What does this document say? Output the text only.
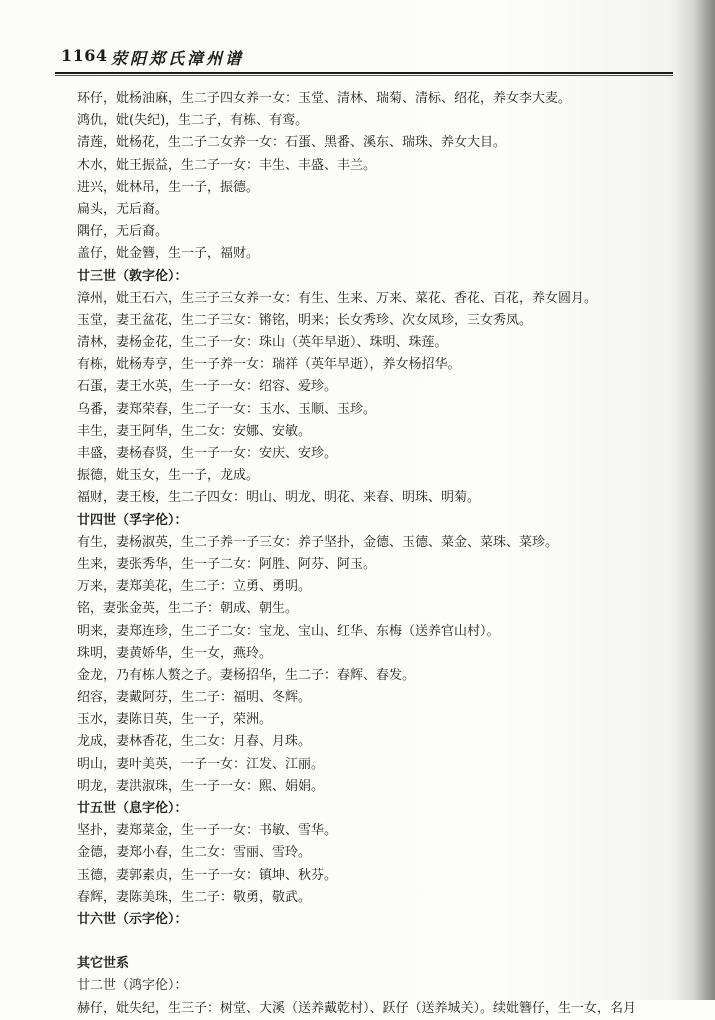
1164 荥阳郑氏漳州谱
环仔，妣杨油麻，生二子四女养一女：玉堂、清林、瑞菊、清标、绍花，养女李大麦。
鸿仇，妣(失纪)，生二子，有栋、有鸾。
清莲，妣杨花，生二子二女养一女：石蛋、黑番、溪东、瑞珠、养女大目。
木水，妣王振益，生二子一女：丰生、丰盛、丰兰。
进兴，妣林吊，生一子，振德。
扁头，无后裔。
隅仔，无后裔。
盖仔，妣金簪，生一子，福财。
廿三世（敦字伦）：
漳州，妣王石六，生三子三女养一女：有生、生来、万来、菜花、香花、百花，养女圆月。
玉堂，妻王盆花，生二子三女：锵铭，明来；长女秀珍、次女凤珍，三女秀凤。
清林，妻杨金花，生二子一女：珠山（英年早逝）、珠明、珠莲。
有栋，妣杨寿亨，生一子养一女：瑞祥（英年早逝），养女杨招华。
石蛋，妻王水英，生一子一女：绍容、爱珍。
乌番，妻郑荣春，生二子一女：玉水、玉顺、玉珍。
丰生，妻王阿华，生二女：安娜、安敏。
丰盛，妻杨春贤，生一子一女：安庆、安珍。
振德，妣玉女，生一子，龙成。
福财，妻王梭，生二子四女：明山、明龙、明花、来春、明珠、明菊。
廿四世（孚字伦）：
有生，妻杨淑英，生二子养一子三女：养子坚扑，金德、玉德、菜金、菜珠、菜珍。
生来，妻张秀华，生一子二女：阿胜、阿芬、阿玉。
万来，妻郑美花，生二子：立勇、勇明。
铭，妻张金英，生二子：朝成、朝生。
明来，妻郑连珍，生二子二女：宝龙、宝山、红华、东梅（送养官山村）。
珠明，妻黄娇华，生一女，燕玲。
金龙，乃有栋人赘之子。妻杨招华，生二子：春辉、春发。
绍容，妻戴阿芬，生二子：福明、冬辉。
玉水，妻陈日英，生一子，荣洲。
龙成，妻林香花，生二女：月春、月珠。
明山，妻叶美英，一子一女：江发、江丽。
明龙，妻洪淑珠，生一子一女：熙、娟娟。
廿五世（息字伦）：
坚扑，妻郑菜金，生一子一女：书敏、雪华。
金德，妻郑小春，生二女：雪丽、雪玲。
玉德，妻郭素贞，生一子一女：镇坤、秋芬。
春辉，妻陈美珠，生二子：敬勇，敬武。
廿六世（示字伦）：
其它世系
廿二世（鸿字伦）：
赫仔，妣失纪，生三子：树堂、大溪（送养戴乾村）、跃仔（送养城关）。续妣簪仔，生一女，名月
